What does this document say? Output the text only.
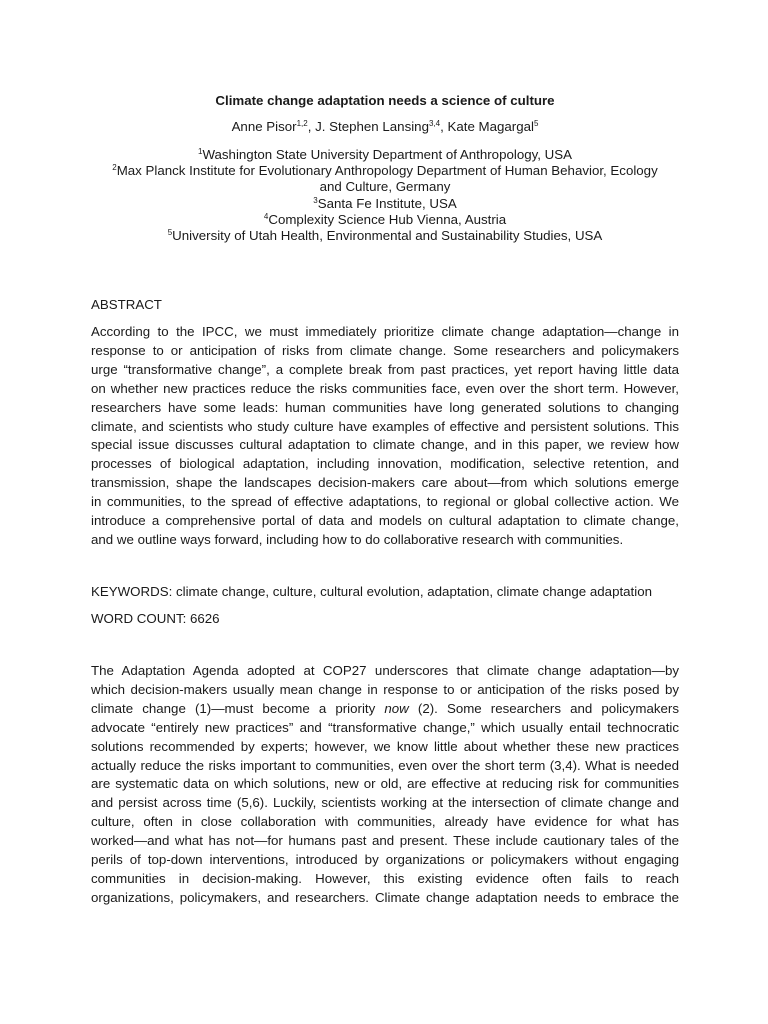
Climate change adaptation needs a science of culture
Anne Pisor$^{1,2}$, J. Stephen Lansing$^{3,4}$, Kate Magargal$^5$
$^1$Washington State University Department of Anthropology, USA
$^2$Max Planck Institute for Evolutionary Anthropology Department of Human Behavior, Ecology
and Culture, Germany
$^3$Santa Fe Institute, USA
$^4$Complexity Science Hub Vienna, Austria
$^5$University of Utah Health, Environmental and Sustainability Studies, USA
ABSTRACT
According to the IPCC, we must immediately prioritize climate change adaptation—change in
response to or anticipation of risks from climate change. Some researchers and policymakers
urge “transformative change”, a complete break from past practices, yet report having little data
on whether new practices reduce the risks communities face, even over the short term. However,
researchers have some leads: human communities have long generated solutions to changing
climate, and scientists who study culture have examples of effective and persistent solutions. This
special issue discusses cultural adaptation to climate change, and in this paper, we review how
processes of biological adaptation, including innovation, modification, selective retention, and
transmission, shape the landscapes decision-makers care about—from which solutions emerge
in communities, to the spread of effective adaptations, to regional or global collective action. We
introduce a comprehensive portal of data and models on cultural adaptation to climate change,
and we outline ways forward, including how to do collaborative research with communities.
KEYWORDS: climate change, culture, cultural evolution, adaptation, climate change adaptation
WORD COUNT: 6626
The Adaptation Agenda adopted at COP27 underscores that climate change adaptation—by
which decision-makers usually mean change in response to or anticipation of the risks posed by
climate change (1)—must become a priority now (2). Some researchers and policymakers
advocate “entirely new practices” and “transformative change,” which usually entail technocratic
solutions recommended by experts; however, we know little about whether these new practices
actually reduce the risks important to communities, even over the short term (3,4). What is needed
are systematic data on which solutions, new or old, are effective at reducing risk for communities
and persist across time (5,6). Luckily, scientists working at the intersection of climate change and
culture, often in close collaboration with communities, already have evidence for what has
worked—and what has not—for humans past and present. These include cautionary tales of the
perils of top-down interventions, introduced by organizations or policymakers without engaging
communities in decision-making. However, this existing evidence often fails to reach
organizations, policymakers, and researchers. Climate change adaptation needs to embrace the
